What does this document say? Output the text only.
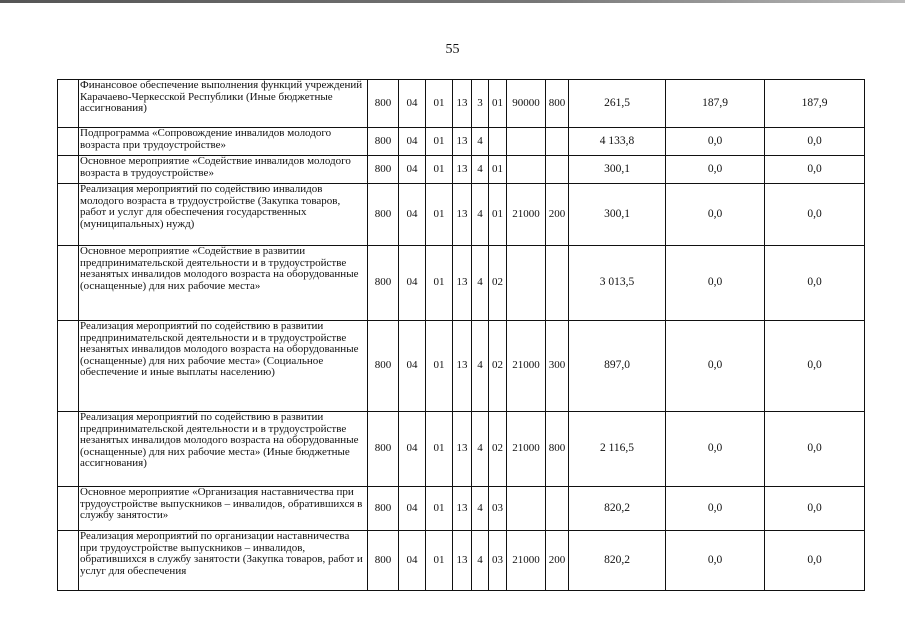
55
	Финансовое обеспечение выполнения функций учреждений Карачаево-Черкесской Республики (Иные бюджетные ассигнования)	800	04	01	13	3	01	90000	800	261,5	187,9	187,9
	Подпрограмма «Сопровождение инвалидов молодого возраста при трудоустройстве»	800	04	01	13	4				4 133,8	0,0	0,0
	Основное мероприятие «Содействие инвалидов молодого возраста в трудоустройстве»	800	04	01	13	4	01			300,1	0,0	0,0
	Реализация мероприятий по содействию инвалидов молодого возраста в трудоустройстве (Закупка товаров, работ и услуг для обеспечения государственных (муниципальных) нужд)	800	04	01	13	4	01	21000	200	300,1	0,0	0,0
	Основное мероприятие «Содействие в развитии предпринимательской деятельности и в трудоустройстве незанятых инвалидов молодого возраста на оборудованные (оснащенные) для них рабочие места»	800	04	01	13	4	02			3 013,5	0,0	0,0
	Реализация мероприятий по содействию в развитии предпринимательской деятельности и в трудоустройстве незанятых инвалидов молодого возраста на оборудованные (оснащенные) для них рабочие места» (Социальное обеспечение и иные выплаты населению)	800	04	01	13	4	02	21000	300	897,0	0,0	0,0
	Реализация мероприятий по содействию в развитии предпринимательской деятельности и в трудоустройстве незанятых инвалидов молодого возраста на оборудованные (оснащенные) для них рабочие места» (Иные бюджетные ассигнования)	800	04	01	13	4	02	21000	800	2 116,5	0,0	0,0
	Основное мероприятие «Организация наставничества при трудоустройстве выпускников – инвалидов, обратившихся в службу занятости»	800	04	01	13	4	03			820,2	0,0	0,0
	Реализация мероприятий по организации наставничества при трудоустройстве выпускников – инвалидов, обратившихся в службу занятости (Закупка товаров, работ и услуг для обеспечения	800	04	01	13	4	03	21000	200	820,2	0,0	0,0
